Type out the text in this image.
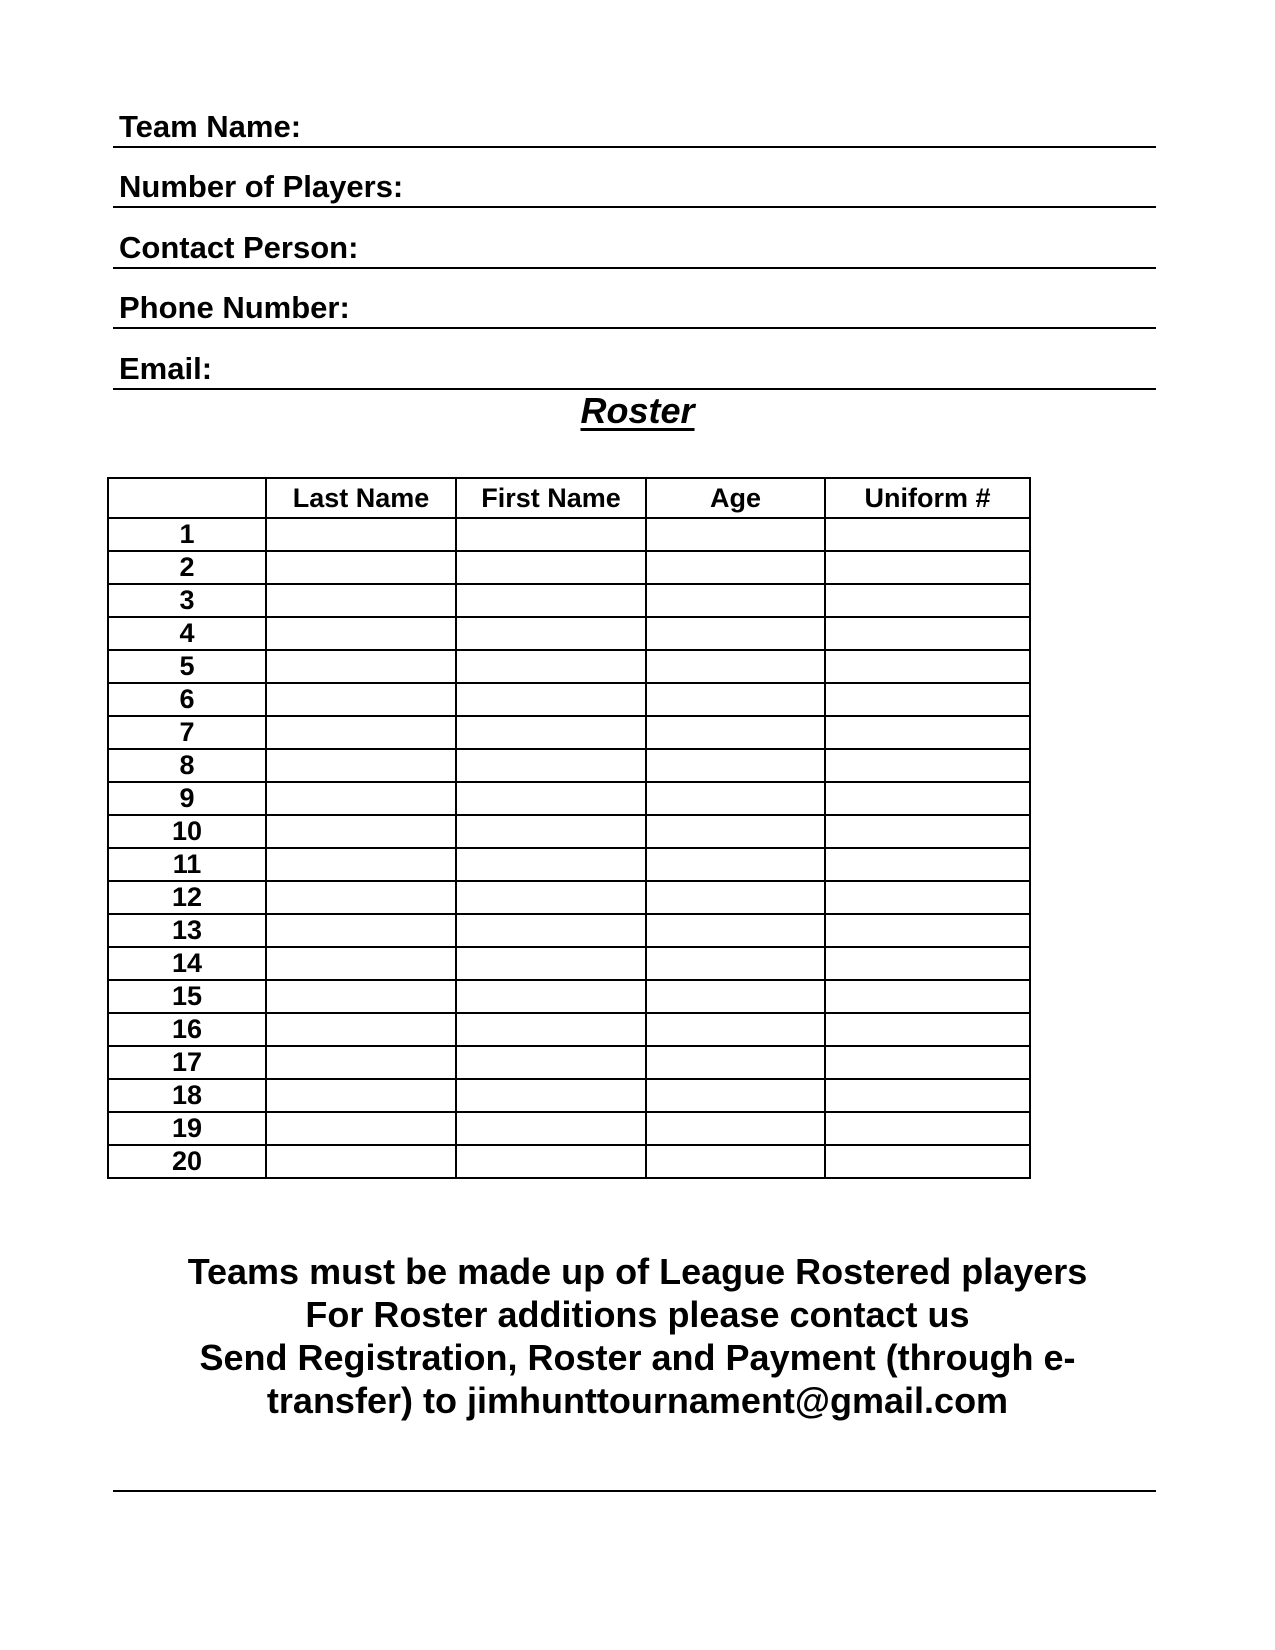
Team Name:
Number of Players:
Contact Person:
Phone Number:
Email:
Roster
	Last Name	First Name	Age	Uniform #
1				
2				
3				
4				
5				
6				
7				
8				
9				
10				
11				
12				
13				
14				
15				
16				
17				
18				
19				
20				
Teams must be made up of League Rostered players
For Roster additions please contact us
Send Registration, Roster and Payment (through e-
transfer) to jimhunttournament@gmail.com
